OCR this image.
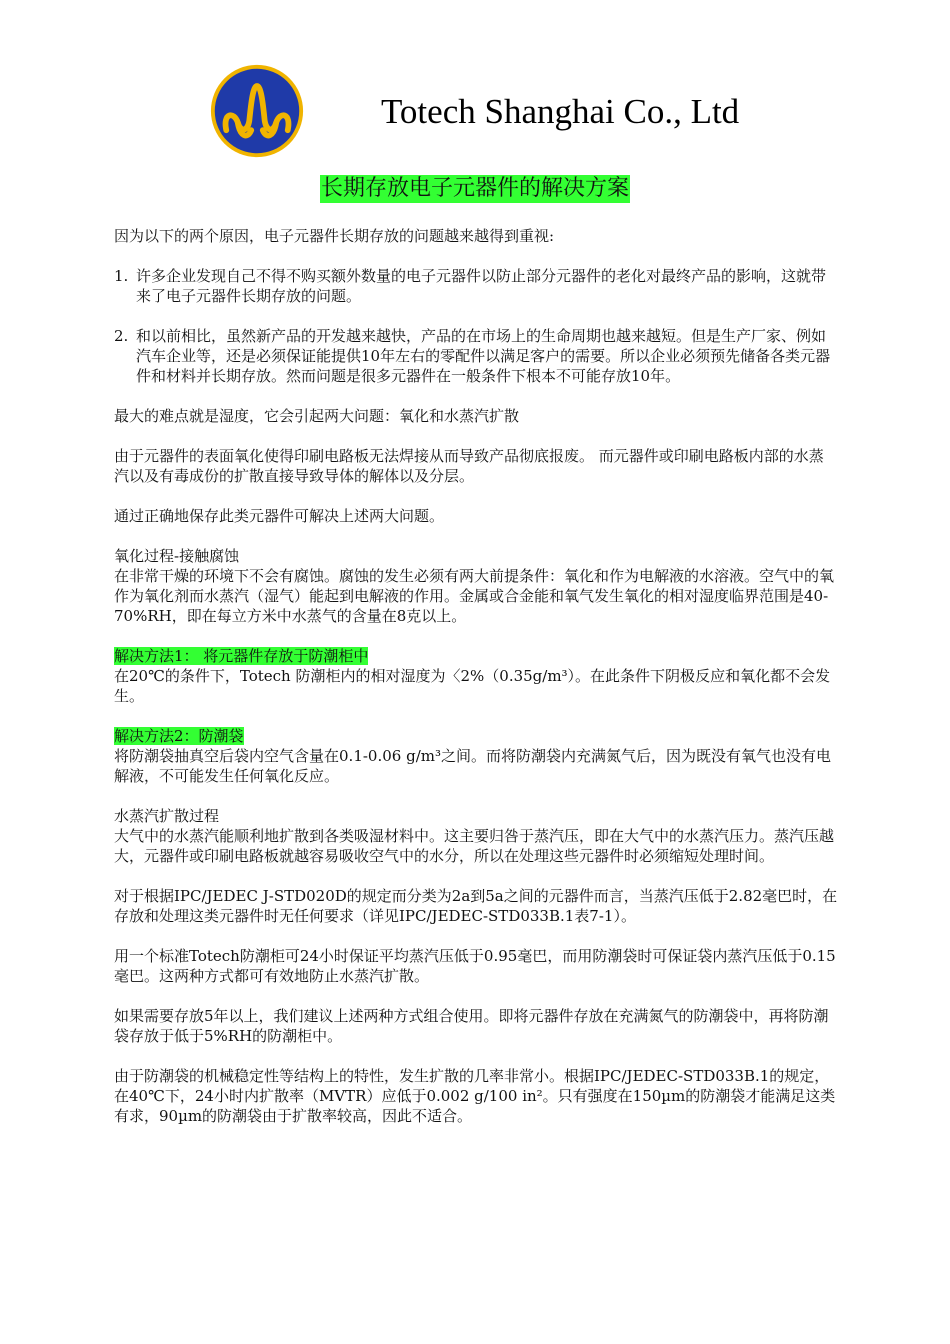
Totech Shanghai Co., Ltd
长期存放电子元器件的解决方案

因为以下的两个原因，电子元器件长期存放的问题越来越得到重视:

1. 许多企业发现自己不得不购买额外数量的电子元器件以防止部分元器件的老化对最终产品的影响，这就带来了电子元器件长期存放的问题。
2. 和以前相比，虽然新产品的开发越来越快，产品的在市场上的生命周期也越来越短。但是生产厂家、例如汽车企业等，还是必须保证能提供10年左右的零配件以满足客户的需要。所以企业必须预先储备各类元器件和材料并长期存放。然而问题是很多元器件在一般条件下根本不可能存放10年。

最大的难点就是湿度，它会引起两大问题：氧化和水蒸汽扩散

由于元器件的表面氧化使得印刷电路板无法焊接从而导致产品彻底报废。 而元器件或印刷电路板内部的水蒸汽以及有毒成份的扩散直接导致导体的解体以及分层。

通过正确地保存此类元器件可解决上述两大问题。

氧化过程-接触腐蚀

在非常干燥的环境下不会有腐蚀。腐蚀的发生必须有两大前提条件：氧化和作为电解液的水溶液。空气中的氧作为氧化剂而水蒸汽（湿气）能起到电解液的作用。金属或合金能和氧气发生氧化的相对湿度临界范围是40-70%RH，即在每立方米中水蒸气的含量在8克以上。

解决方法1： 将元器件存放于防潮柜中

在20℃的条件下，Totech 防潮柜内的相对湿度为〈2%（0.35g/m³）。在此条件下阴极反应和氧化都不会发生。

解决方法2：防潮袋

将防潮袋抽真空后袋内空气含量在0.1-0.06 g/m³之间。而将防潮袋内充满氮气后，因为既没有氧气也没有电解液，不可能发生任何氧化反应。

水蒸汽扩散过程

大气中的水蒸汽能顺利地扩散到各类吸湿材料中。这主要归咎于蒸汽压，即在大气中的水蒸汽压力。蒸汽压越大，元器件或印刷电路板就越容易吸收空气中的水分，所以在处理这些元器件时必须缩短处理时间。

对于根据IPC/JEDEC J-STD020D的规定而分类为2a到5a之间的元器件而言，当蒸汽压低于2.82毫巴时，在存放和处理这类元器件时无任何要求（详见IPC/JEDEC-STD033B.1表7-1）。

用一个标准Totech防潮柜可24小时保证平均蒸汽压低于0.95毫巴，而用防潮袋时可保证袋内蒸汽压低于0.15毫巴。这两种方式都可有效地防止水蒸汽扩散。

如果需要存放5年以上，我们建议上述两种方式组合使用。即将元器件存放在充满氮气的防潮袋中，再将防潮袋存放于低于5%RH的防潮柜中。

由于防潮袋的机械稳定性等结构上的特性，发生扩散的几率非常小。根据IPC/JEDEC-STD033B.1的规定，在40℃下，24小时内扩散率（MVTR）应低于0.002 g/100 in²。只有强度在150µm的防潮袋才能满足这类有求，90µm的防潮袋由于扩散率较高，因此不适合。
